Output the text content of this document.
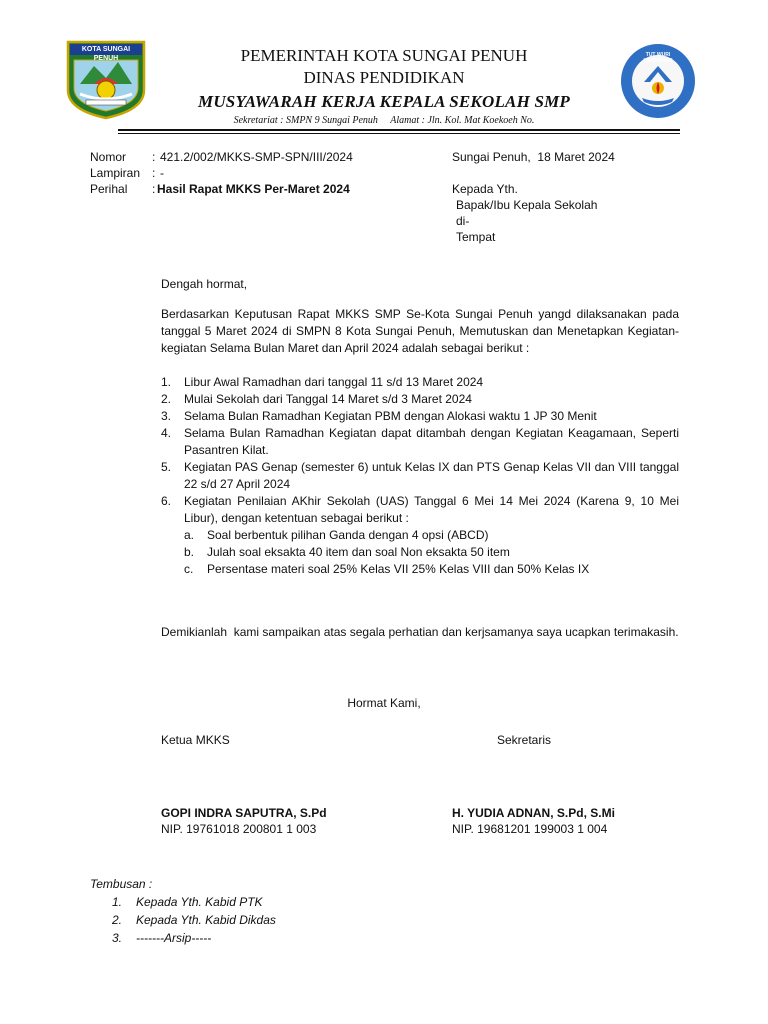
KOTA SUNGAI PENUH	TUT WURI HANDAYANI
PEMERINTAH KOTA SUNGAI PENUH
DINAS PENDIDIKAN
MUSYAWARAH KERJA KEPALA SEKOLAH SMP
Sekretariat : SMPN 9 Sungai Penuh     Alamat : Jln. Kol. Mat Koekoeh No.
Nomor : 421.2/002/MKKS-SMP-SPN/III/2024
Lampiran : -
Perihal : Hasil Rapat MKKS Per-Maret 2024
Sungai Penuh,  18 Maret 2024
Kepada Yth.
Bapak/Ibu Kepala Sekolah
di-
Tempat
Dengah hormat,
Berdasarkan Keputusan Rapat MKKS SMP Se-Kota Sungai Penuh yangd dilaksanakan pada tanggal 5 Maret 2024 di SMPN 8 Kota Sungai Penuh, Memutuskan dan Menetapkan Kegiatan-kegiatan Selama Bulan Maret dan April 2024 adalah sebagai berikut :
1. Libur Awal Ramadhan dari tanggal 11 s/d 13 Maret 2024
2. Mulai Sekolah dari Tanggal 14 Maret s/d 3 Maret 2024
3. Selama Bulan Ramadhan Kegiatan PBM dengan Alokasi waktu 1 JP 30 Menit
4. Selama Bulan Ramadhan Kegiatan dapat ditambah dengan Kegiatan Keagamaan, Seperti Pasantren Kilat.
5. Kegiatan PAS Genap (semester 6) untuk Kelas IX dan PTS Genap Kelas VII dan VIII tanggal 22 s/d 27 April 2024
6. Kegiatan Penilaian AKhir Sekolah (UAS) Tanggal 6 Mei 14 Mei 2024 (Karena 9, 10 Mei Libur), dengan ketentuan sebagai berikut :
a. Soal berbentuk pilihan Ganda dengan 4 opsi (ABCD)
b. Julah soal eksakta 40 item dan soal Non eksakta 50 item
c. Persentase materi soal 25% Kelas VII 25% Kelas VIII dan 50% Kelas IX
Demikianlah  kami sampaikan atas segala perhatian dan kerjsamanya saya ucapkan terimakasih.
Hormat Kami,
Ketua MKKS	Sekretaris
GOPI INDRA SAPUTRA, S.Pd
NIP. 19761018 200801 1 003
H. YUDIA ADNAN, S.Pd, S.Mi
NIP. 19681201 199003 1 004
Tembusan :
1. Kepada Yth. Kabid PTK
2. Kepada Yth. Kabid Dikdas
3. -------Arsip-----
